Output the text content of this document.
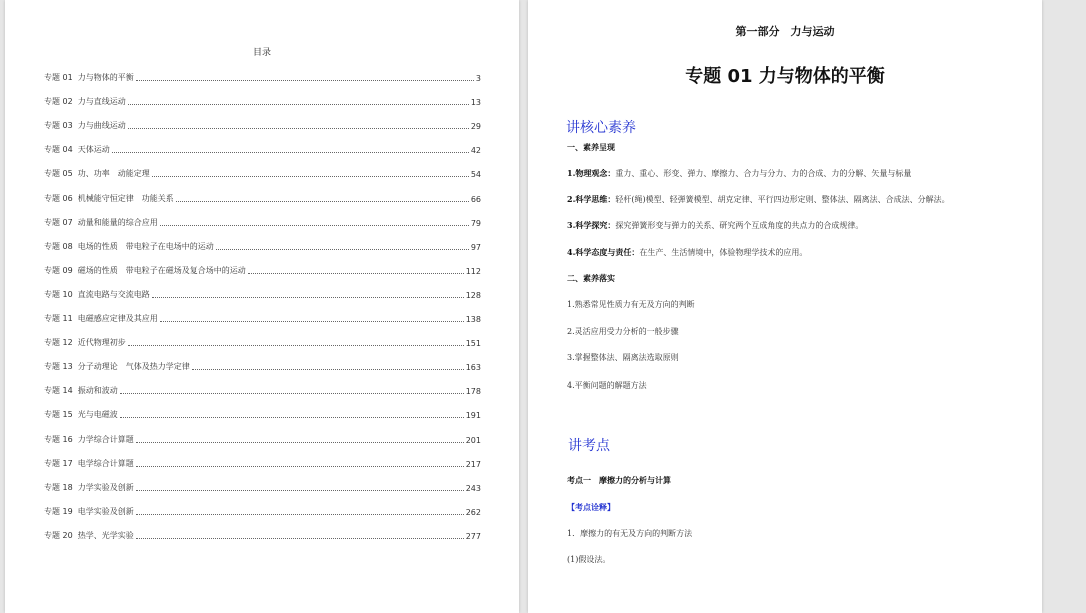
目录
专题 01 力与物体的平衡	3
专题 02 力与直线运动	13
专题 03 力与曲线运动	29
专题 04 天体运动	42
专题 05 功、功率　动能定理	54
专题 06 机械能守恒定律　功能关系	66
专题 07 动量和能量的综合应用	79
专题 08 电场的性质　带电粒子在电场中的运动	97
专题 09 磁场的性质　带电粒子在磁场及复合场中的运动	112
专题 10 直流电路与交流电路	128
专题 11 电磁感应定律及其应用	138
专题 12 近代物理初步	151
专题 13 分子动理论　气体及热力学定律	163
专题 14 振动和波动	178
专题 15 光与电磁波	191
专题 16 力学综合计算题	201
专题 17 电学综合计算题	217
专题 18 力学实验及创新	243
专题 19 电学实验及创新	262
专题 20 热学、光学实验	277
第一部分　力与运动
专题 01 力与物体的平衡
讲核心素养
一、素养呈现
1.物理观念：重力、重心、形变、弹力、摩擦力、合力与分力、力的合成、力的分解、矢量与标量
2.科学思维：轻杆(绳)模型、轻弹簧模型、胡克定律、平行四边形定则、整体法、隔离法、合成法、分解法。
3.科学探究：探究弹簧形变与弹力的关系、研究两个互成角度的共点力的合成规律。
4.科学态度与责任：在生产、生活情境中，体验物理学技术的应用。
二、素养落实
1.熟悉常见性质力有无及方向的判断
2.灵活应用受力分析的一般步骤
3.掌握整体法、隔离法选取原则
4.平衡问题的解题方法
讲考点
考点一　摩擦力的分析与计算
【考点诠释】
1．摩擦力的有无及方向的判断方法
(1)假设法。
